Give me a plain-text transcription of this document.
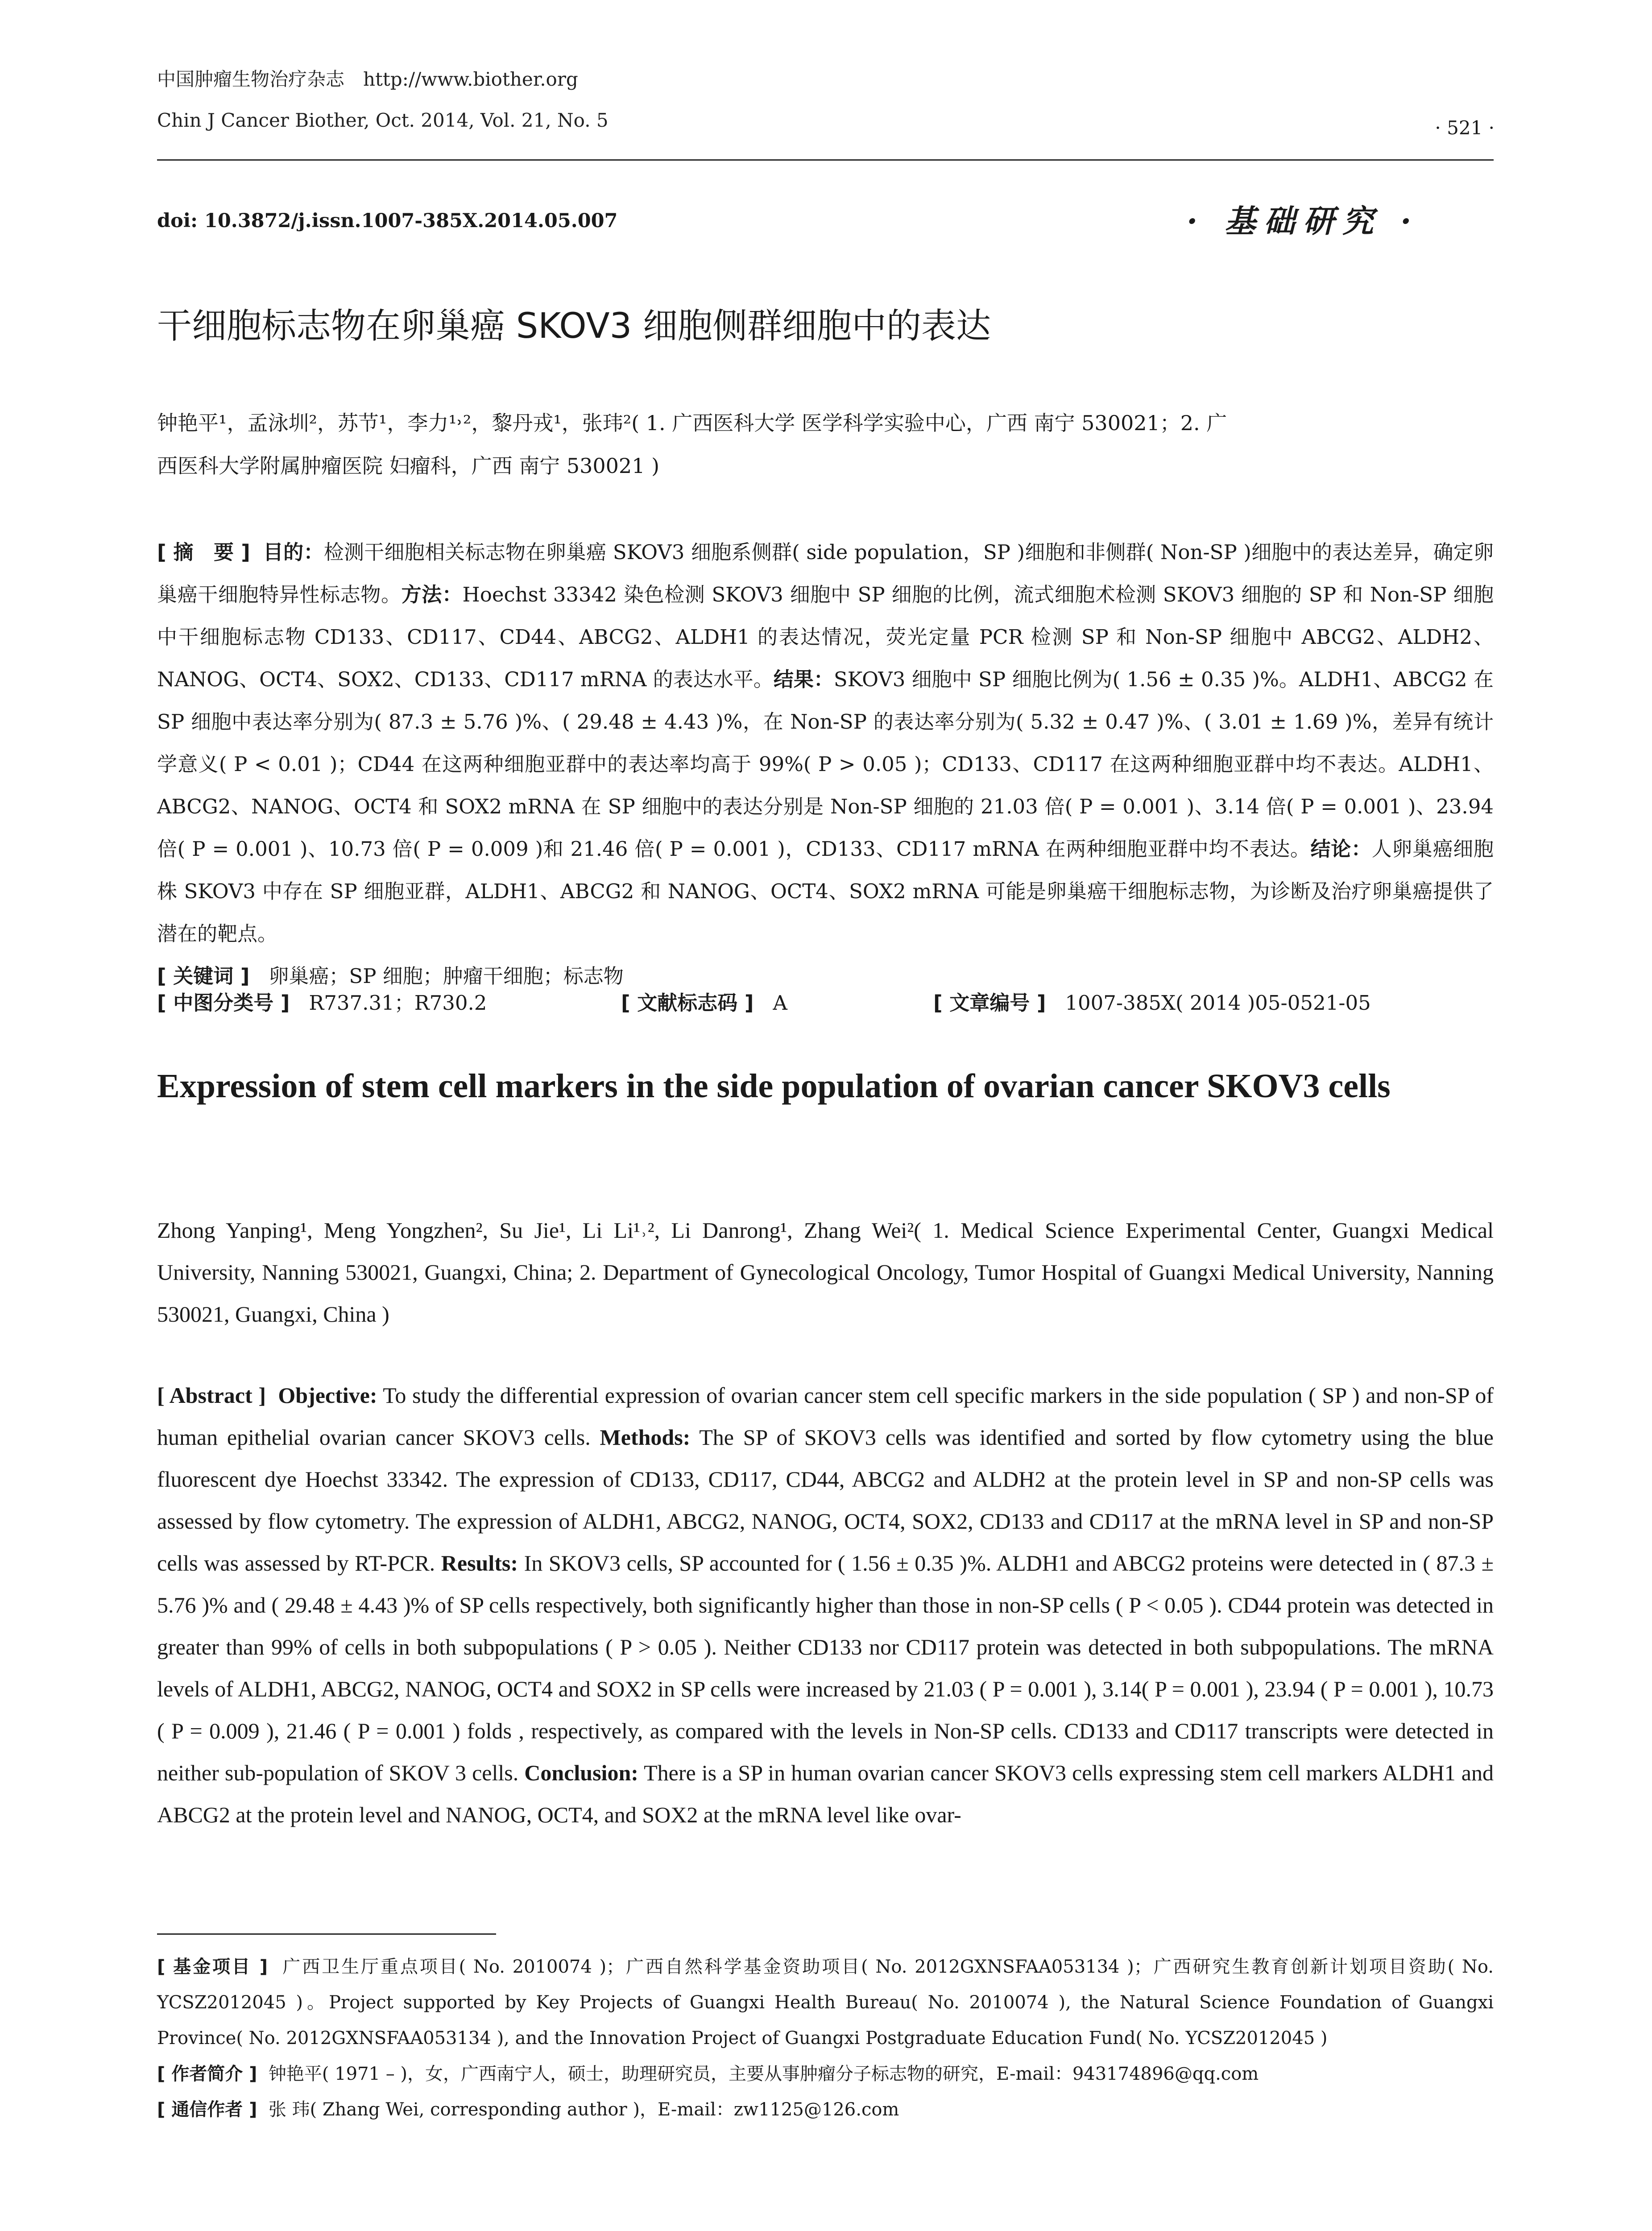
中国肿瘤生物治疗杂志　http://www.biother.org
Chin J Cancer Biother, Oct. 2014, Vol. 21, No. 5	· 521 ·
doi: 10.3872/j.issn.1007-385X.2014.05.007	· 基础研究 ·
干细胞标志物在卵巢癌 SKOV3 细胞侧群细胞中的表达

钟艳平¹，孟泳圳²，苏节¹，李力¹˒²，黎丹戎¹，张玮²( 1. 广西医科大学 医学科学实验中心，广西 南宁 530021；2. 广

西医科大学附属肿瘤医院 妇瘤科，广西 南宁 530021 )

[ 摘　要 ] 目的：检测干细胞相关标志物在卵巢癌 SKOV3 细胞系侧群( side population，SP )细胞和非侧群( Non-SP )细胞中的表达差异，确定卵巢癌干细胞特异性标志物。方法：Hoechst 33342 染色检测 SKOV3 细胞中 SP 细胞的比例，流式细胞术检测 SKOV3 细胞的 SP 和 Non-SP 细胞中干细胞标志物 CD133、CD117、CD44、ABCG2、ALDH1 的表达情况，荧光定量 PCR 检测 SP 和 Non-SP 细胞中 ABCG2、ALDH2、NANOG、OCT4、SOX2、CD133、CD117 mRNA 的表达水平。结果：SKOV3 细胞中 SP 细胞比例为( 1.56 ± 0.35 )%。ALDH1、ABCG2 在 SP 细胞中表达率分别为( 87.3 ± 5.76 )%、( 29.48 ± 4.43 )%，在 Non-SP 的表达率分别为( 5.32 ± 0.47 )%、( 3.01 ± 1.69 )%，差异有统计学意义( P < 0.01 )；CD44 在这两种细胞亚群中的表达率均高于 99%( P > 0.05 )；CD133、CD117 在这两种细胞亚群中均不表达。ALDH1、ABCG2、NANOG、OCT4 和 SOX2 mRNA 在 SP 细胞中的表达分别是 Non-SP 细胞的 21.03 倍( P = 0.001 )、3.14 倍( P = 0.001 )、23.94 倍( P = 0.001 )、10.73 倍( P = 0.009 )和 21.46 倍( P = 0.001 )，CD133、CD117 mRNA 在两种细胞亚群中均不表达。结论：人卵巢癌细胞株 SKOV3 中存在 SP 细胞亚群，ALDH1、ABCG2 和 NANOG、OCT4、SOX2 mRNA 可能是卵巢癌干细胞标志物，为诊断及治疗卵巢癌提供了潜在的靶点。

[ 关键词 ] 卵巢癌；SP 细胞；肿瘤干细胞；标志物

[ 中图分类号 ] R737.31；R730.2	[ 文献标志码 ] A	[ 文章编号 ] 1007-385X( 2014 )05-0521-05
Expression of stem cell markers in the side population of ovarian cancer SKOV3 cells
Zhong Yanping¹, Meng Yongzhen², Su Jie¹, Li Li¹˒², Li Danrong¹, Zhang Wei²( 1. Medical Science Experimental Center, Guangxi Medical University, Nanning 530021, Guangxi, China; 2. Department of Gynecological Oncology, Tumor Hospital of Guangxi Medical University, Nanning 530021, Guangxi, China )

[ Abstract ] Objective: To study the differential expression of ovarian cancer stem cell specific markers in the side population ( SP ) and non-SP of human epithelial ovarian cancer SKOV3 cells. Methods: The SP of SKOV3 cells was identified and sorted by flow cytometry using the blue fluorescent dye Hoechst 33342. The expression of CD133, CD117, CD44, ABCG2 and ALDH2 at the protein level in SP and non-SP cells was assessed by flow cytometry. The expression of ALDH1, ABCG2, NANOG, OCT4, SOX2, CD133 and CD117 at the mRNA level in SP and non-SP cells was assessed by RT-PCR. Results: In SKOV3 cells, SP accounted for ( 1.56 ± 0.35 )%. ALDH1 and ABCG2 proteins were detected in ( 87.3 ± 5.76 )% and ( 29.48 ± 4.43 )% of SP cells respectively, both significantly higher than those in non-SP cells ( P < 0.05 ). CD44 protein was detected in greater than 99% of cells in both subpopulations ( P > 0.05 ). Neither CD133 nor CD117 protein was detected in both subpopulations. The mRNA levels of ALDH1, ABCG2, NANOG, OCT4 and SOX2 in SP cells were increased by 21.03 ( P = 0.001 ), 3.14( P = 0.001 ), 23.94 ( P = 0.001 ), 10.73 ( P = 0.009 ), 21.46 ( P = 0.001 ) folds , respectively, as compared with the levels in Non-SP cells. CD133 and CD117 transcripts were detected in neither sub-population of SKOV 3 cells. Conclusion: There is a SP in human ovarian cancer SKOV3 cells expressing stem cell markers ALDH1 and ABCG2 at the protein level and NANOG, OCT4, and SOX2 at the mRNA level like ovar-

[ 基金项目 ] 广西卫生厅重点项目( No. 2010074 )；广西自然科学基金资助项目( No. 2012GXNSFAA053134 )；广西研究生教育创新计划项目资助( No. YCSZ2012045 )。Project supported by Key Projects of Guangxi Health Bureau( No. 2010074 ), the Natural Science Foundation of Guangxi Province( No. 2012GXNSFAA053134 ), and the Innovation Project of Guangxi Postgraduate Education Fund( No. YCSZ2012045 )

[ 作者简介 ] 钟艳平( 1971 – )，女，广西南宁人，硕士，助理研究员，主要从事肿瘤分子标志物的研究，E-mail：943174896@qq.com

[ 通信作者 ] 张 玮( Zhang Wei, corresponding author )，E-mail：zw1125@126.com
